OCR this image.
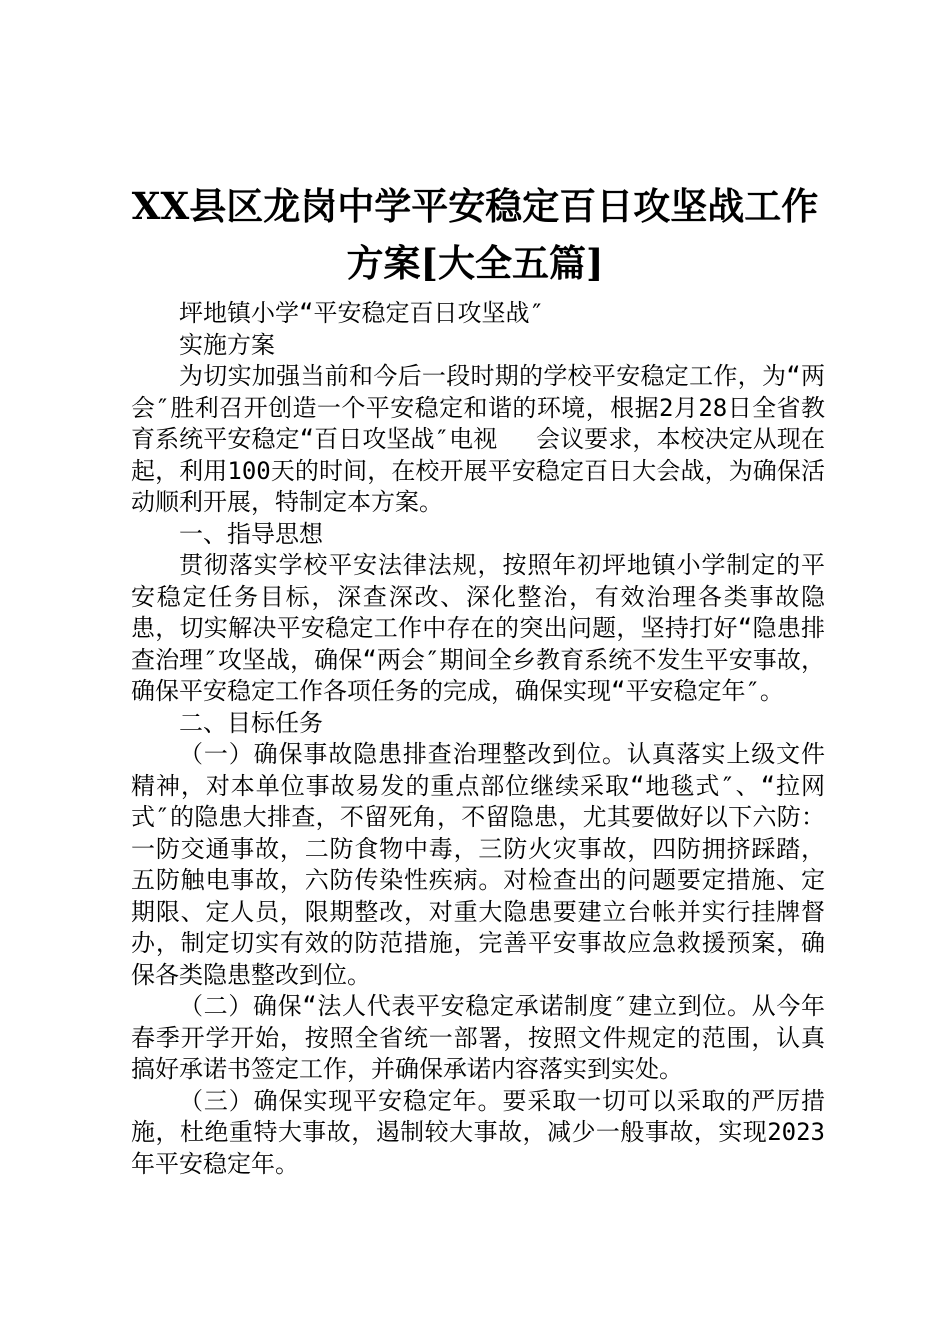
XX县区龙岗中学平安稳定百日攻坚战工作方案[大全五篇]

坪地镇小学“平安稳定百日攻坚战″

实施方案

为切实加强当前和今后一段时期的学校平安稳定工作，为“两会″胜利召开创造一个平安稳定和谐的环境，根据2月28日全省教育系统平安稳定“百日攻坚战″电视　 会议要求，本校决定从现在起，利用100天的时间，在校开展平安稳定百日大会战，为确保活动顺利开展，特制定本方案。

一、指导思想

贯彻落实学校平安法律法规，按照年初坪地镇小学制定的平安稳定任务目标，深查深改、深化整治，有效治理各类事故隐患，切实解决平安稳定工作中存在的突出问题，坚持打好“隐患排查治理″攻坚战，确保“两会″期间全乡教育系统不发生平安事故，确保平安稳定工作各项任务的完成，确保实现“平安稳定年″。

二、目标任务

（一）确保事故隐患排查治理整改到位。认真落实上级文件精神，对本单位事故易发的重点部位继续采取“地毯式″、“拉网式″的隐患大排查，不留死角，不留隐患，尤其要做好以下六防：一防交通事故，二防食物中毒，三防火灾事故，四防拥挤踩踏，五防触电事故，六防传染性疾病。对检查出的问题要定措施、定期限、定人员，限期整改，对重大隐患要建立台帐并实行挂牌督办，制定切实有效的防范措施，完善平安事故应急救援预案，确保各类隐患整改到位。

（二）确保“法人代表平安稳定承诺制度″建立到位。从今年春季开学开始，按照全省统一部署，按照文件规定的范围，认真搞好承诺书签定工作，并确保承诺内容落实到实处。

（三）确保实现平安稳定年。要采取一切可以采取的严厉措施，杜绝重特大事故，遏制较大事故，减少一般事故，实现2023年平安稳定年。
